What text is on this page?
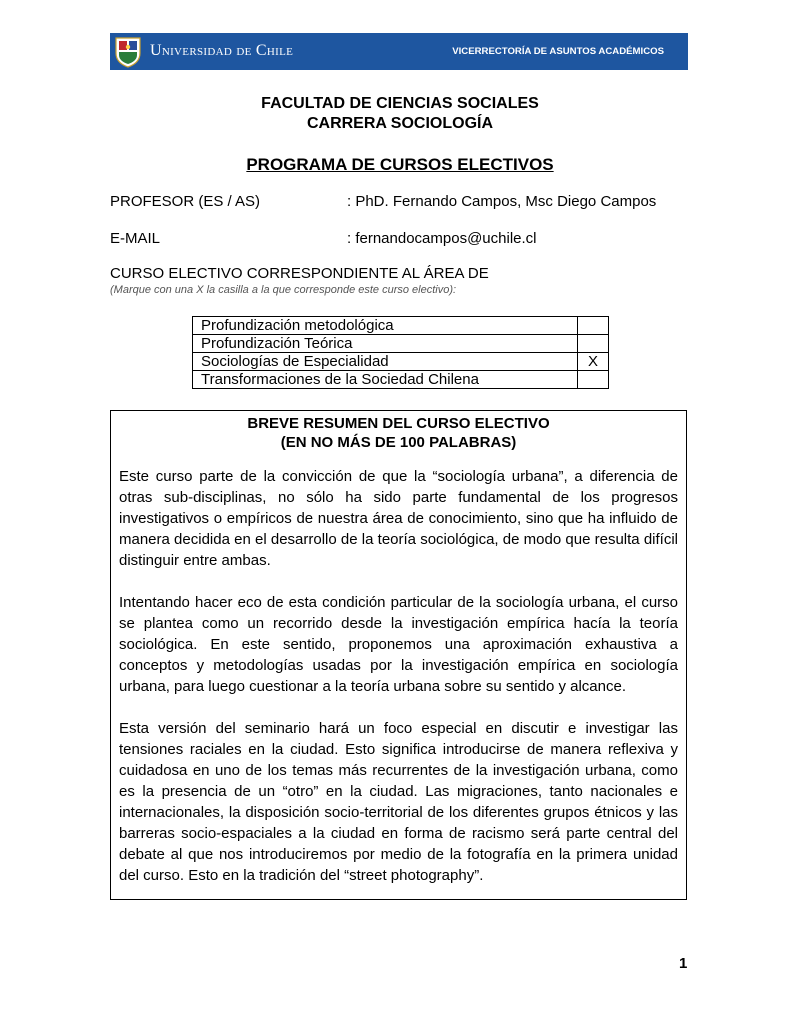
Universidad de Chile	VICERRECTORÍA DE ASUNTOS ACADÉMICOS
FACULTAD DE CIENCIAS SOCIALES
CARRERA SOCIOLOGÍA
PROGRAMA DE CURSOS ELECTIVOS
PROFESOR (ES / AS)	: PhD. Fernando Campos, Msc Diego Campos
E-MAIL	: fernandocampos@uchile.cl
CURSO ELECTIVO CORRESPONDIENTE AL ÁREA DE
(Marque con una X la casilla a la que corresponde este curso electivo):
Profundización metodológica	
Profundización Teórica	
Sociologías de Especialidad	X
Transformaciones de la Sociedad Chilena	
BREVE RESUMEN DEL CURSO ELECTIVO
(EN NO MÁS DE 100 PALABRAS)

Este curso parte de la convicción de que la “sociología urbana”, a diferencia de otras sub-disciplinas, no sólo ha sido parte fundamental de los progresos investigativos o empíricos de nuestra área de conocimiento, sino que ha influido de manera decidida en el desarrollo de la teoría sociológica, de modo que resulta difícil distinguir entre ambas.

Intentando hacer eco de esta condición particular de la sociología urbana, el curso se plantea como un recorrido desde la investigación empírica hacía la teoría sociológica. En este sentido, proponemos una aproximación exhaustiva a conceptos y metodologías usadas por la investigación empírica en sociología urbana, para luego cuestionar a la teoría urbana sobre su sentido y alcance.

Esta versión del seminario hará un foco especial en discutir e investigar las tensiones raciales en la ciudad. Esto significa introducirse de manera reflexiva y cuidadosa en uno de los temas más recurrentes de la investigación urbana, como es la presencia de un “otro” en la ciudad. Las migraciones, tanto nacionales e internacionales, la disposición socio-territorial de los diferentes grupos étnicos y las barreras socio-espaciales a la ciudad en forma de racismo será parte central del debate al que nos introduciremos por medio de la fotografía en la primera unidad del curso. Esto en la tradición del “street photography”.

1
